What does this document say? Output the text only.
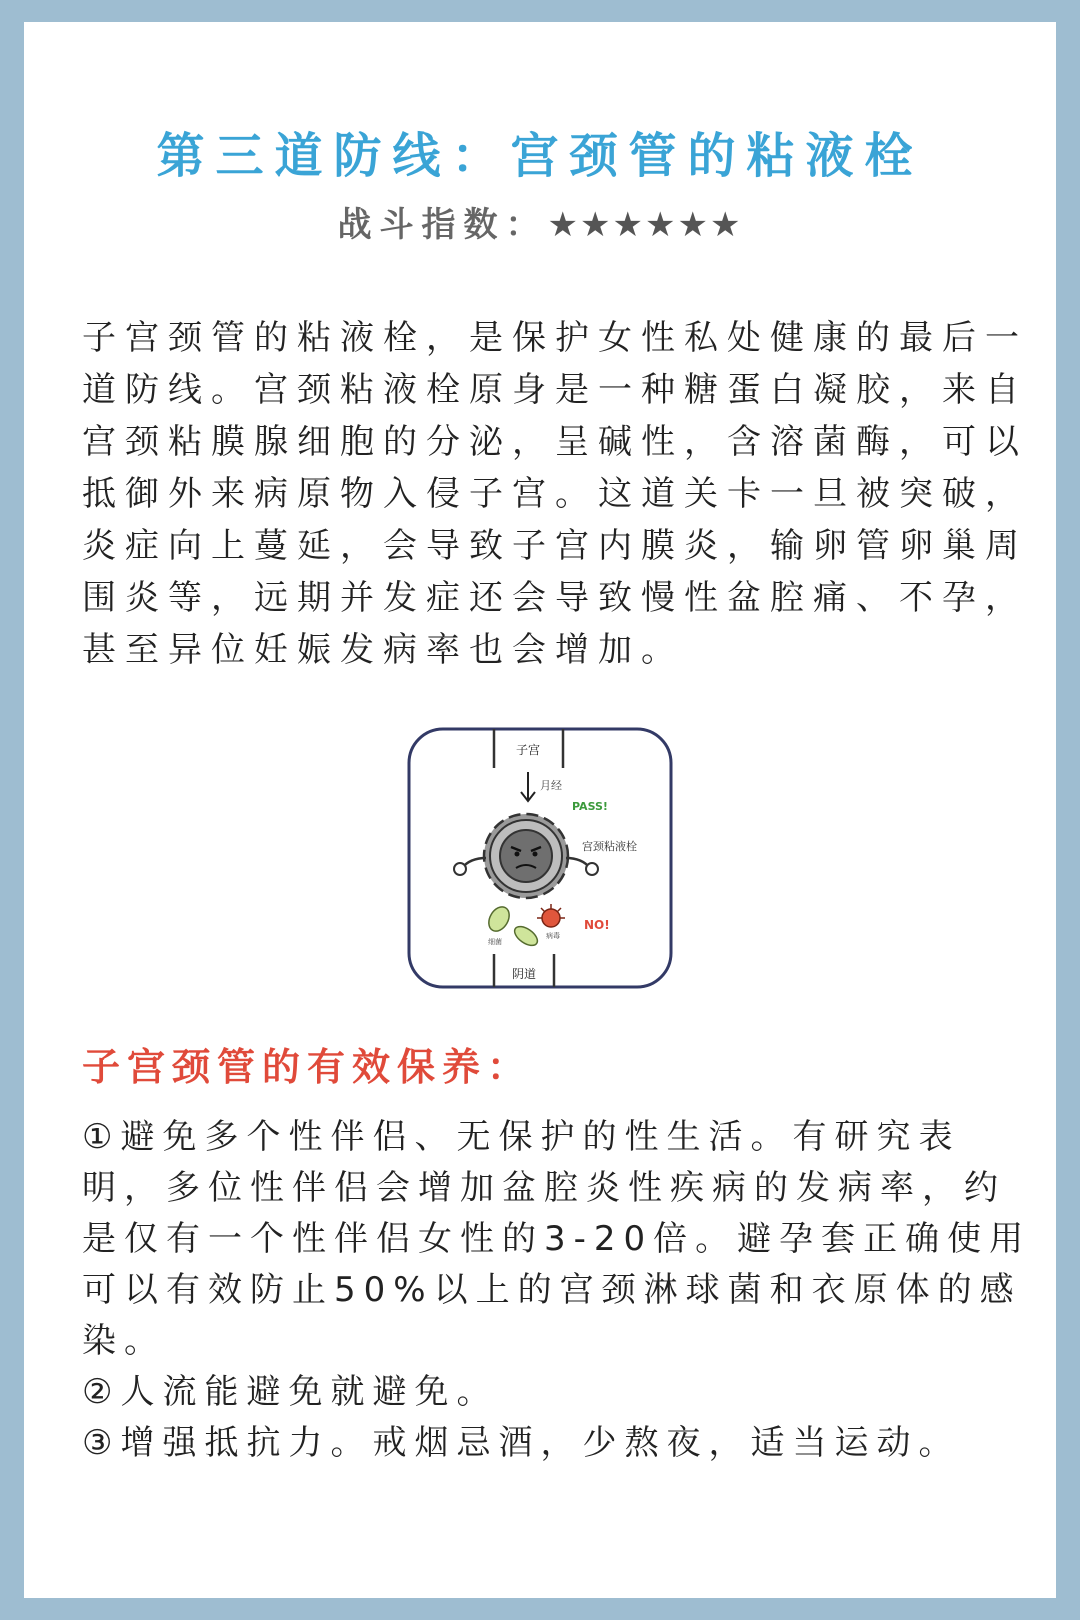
第三道防线：宫颈管的粘液栓
战斗指数：★★★★★★

子宫颈管的粘液栓，是保护女性私处健康的最后一道防线。宫颈粘液栓原身是一种糖蛋白凝胶，来自宫颈粘膜腺细胞的分泌，呈碱性，含溶菌酶，可以抵御外来病原物入侵子宫。这道关卡一旦被突破，炎症向上蔓延，会导致子宫内膜炎，输卵管卵巢周围炎等，远期并发症还会导致慢性盆腔痛、不孕，甚至异位妊娠发病率也会增加。

子宫
月经
PASS!
宫颈粘液栓
细菌
病毒
NO!
阴道
子宫颈管的有效保养：

①避免多个性伴侣、无保护的性生活。有研究表明，多位性伴侣会增加盆腔炎性疾病的发病率，约是仅有一个性伴侣女性的3-20倍。避孕套正确使用可以有效防止50%以上的宫颈淋球菌和衣原体的感染。

②人流能避免就避免。

③增强抵抗力。戒烟忌酒，少熬夜，适当运动。
